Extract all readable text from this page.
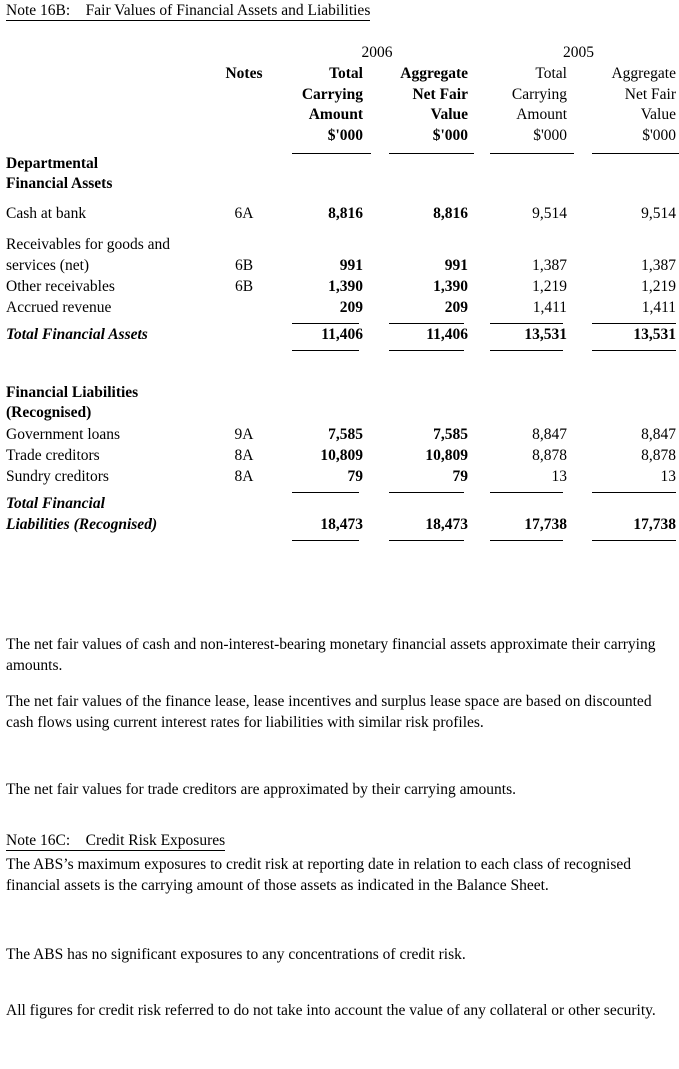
Note 16B:    Fair Values of Financial Assets and Liabilities
		2006		2005	
	Notes	Total	Aggregate	Total	Aggregate
		Carrying	Net Fair	Carrying	Net Fair
		Amount	Value	Amount	Value
		$'000	$'000	$'000	$'000

Departmental					
Financial Assets					

Cash at bank	6A	8,816	8,816	9,514	9,514

Receivables for goods and					
services (net)	6B	991	991	1,387	1,387
Other receivables	6B	1,390	1,390	1,219	1,219
Accrued revenue		209	209	1,411	1,411

Total Financial Assets		11,406	11,406	13,531	13,531

Financial Liabilities					
(Recognised)					
Government loans	9A	7,585	7,585	8,847	8,847
Trade creditors	8A	10,809	10,809	8,878	8,878
Sundry creditors	8A	79	79	13	13

Total Financial					
Liabilities (Recognised)		18,473	18,473	17,738	17,738

The net fair values of cash and non-interest-bearing monetary financial assets approximate their carrying amounts.
The net fair values of the finance lease, lease incentives and surplus lease space are based on discounted cash flows using current interest rates for liabilities with similar risk profiles.
The net fair values for trade creditors are approximated by their carrying amounts.
Note 16C:    Credit Risk Exposures
The ABS’s maximum exposures to credit risk at reporting date in relation to each class of recognised financial assets is the carrying amount of those assets as indicated in the Balance Sheet.
The ABS has no significant exposures to any concentrations of credit risk.
All figures for credit risk referred to do not take into account the value of any collateral or other security.
